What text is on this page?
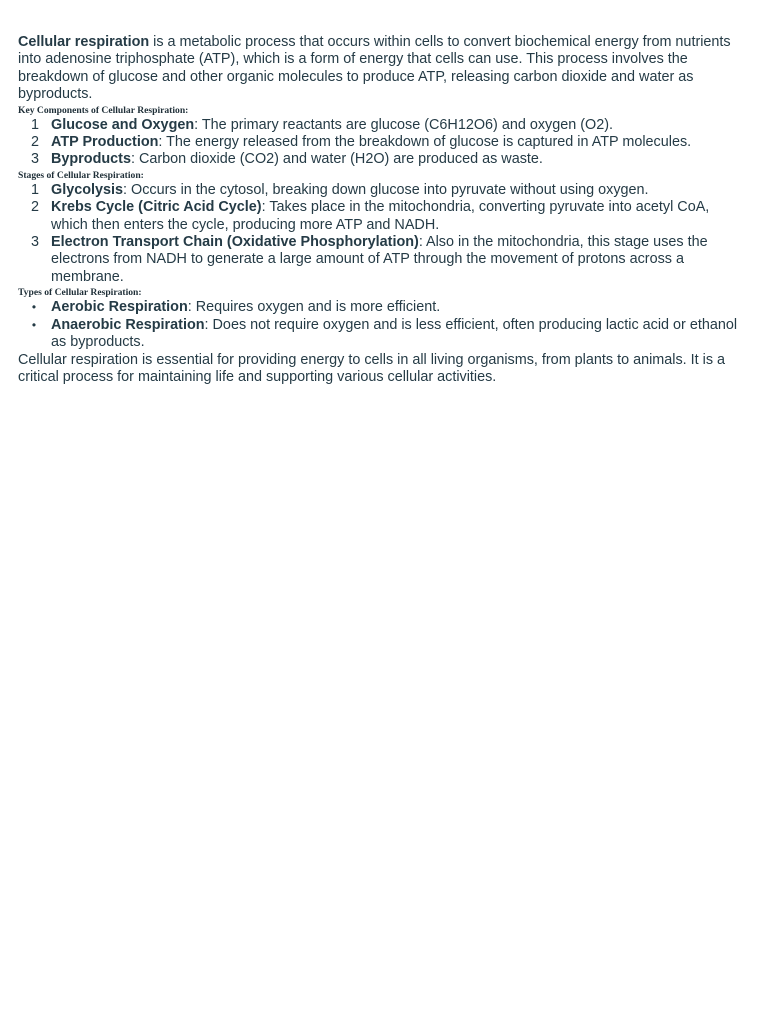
Cellular respiration is a metabolic process that occurs within cells to convert biochemical energy from nutrients into adenosine triphosphate (ATP), which is a form of energy that cells can use. This process involves the breakdown of glucose and other organic molecules to produce ATP, releasing carbon dioxide and water as byproducts.

Key Components of Cellular Respiration:
1 Glucose and Oxygen: The primary reactants are glucose (C6H12O6) and oxygen (O2).
2 ATP Production: The energy released from the breakdown of glucose is captured in ATP molecules.
3 Byproducts: Carbon dioxide (CO2) and water (H2O) are produced as waste.
Stages of Cellular Respiration:
1 Glycolysis: Occurs in the cytosol, breaking down glucose into pyruvate without using oxygen.
2 Krebs Cycle (Citric Acid Cycle): Takes place in the mitochondria, converting pyruvate into acetyl CoA, which then enters the cycle, producing more ATP and NADH.
3 Electron Transport Chain (Oxidative Phosphorylation): Also in the mitochondria, this stage uses the electrons from NADH to generate a large amount of ATP through the movement of protons across a membrane.
Types of Cellular Respiration:
•	Aerobic Respiration: Requires oxygen and is more efficient.
•	Anaerobic Respiration: Does not require oxygen and is less efficient, often producing lactic acid or ethanol as byproducts.

Cellular respiration is essential for providing energy to cells in all living organisms, from plants to animals. It is a critical process for maintaining life and supporting various cellular activities.
